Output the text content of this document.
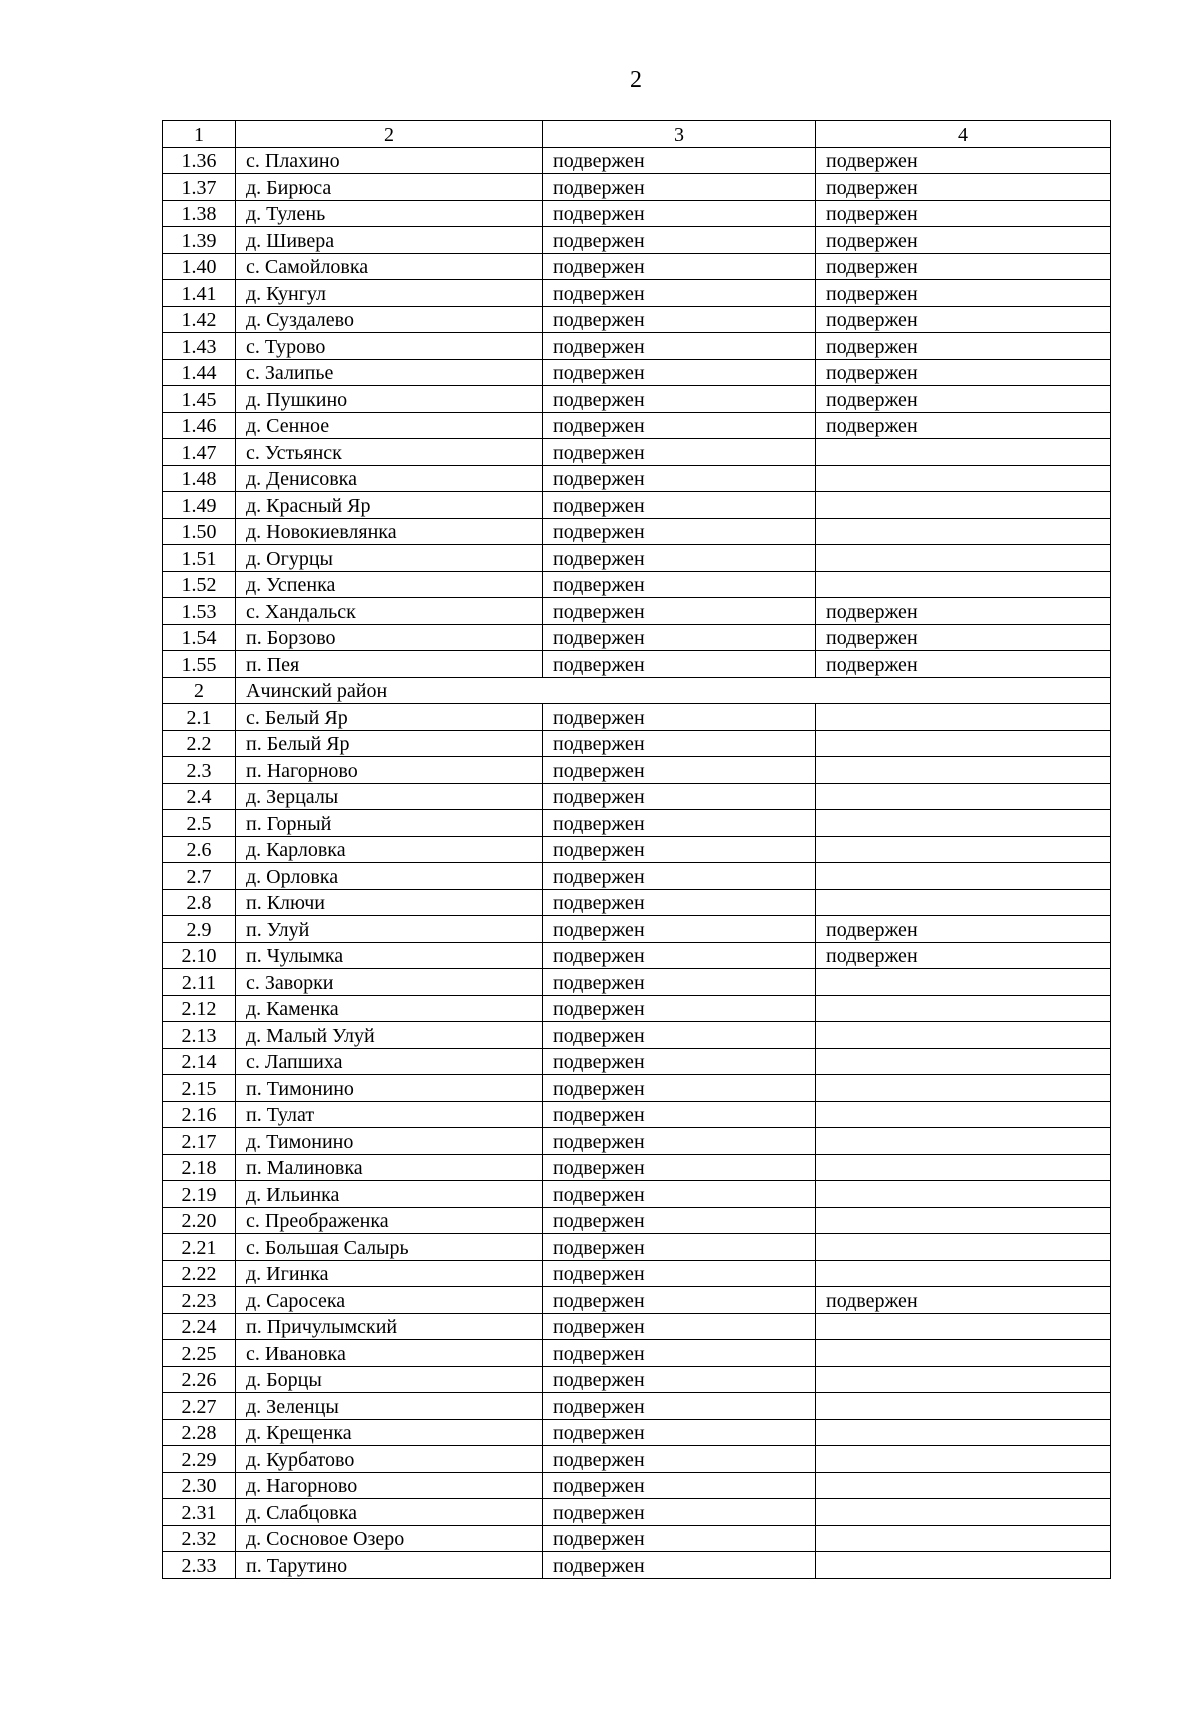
2
1	2	3	4
1.36	с. Плахино	подвержен	подвержен
1.37	д. Бирюса	подвержен	подвержен
1.38	д. Тулень	подвержен	подвержен
1.39	д. Шивера	подвержен	подвержен
1.40	с. Самойловка	подвержен	подвержен
1.41	д. Кунгул	подвержен	подвержен
1.42	д. Суздалево	подвержен	подвержен
1.43	с. Турово	подвержен	подвержен
1.44	с. Залипье	подвержен	подвержен
1.45	д. Пушкино	подвержен	подвержен
1.46	д. Сенное	подвержен	подвержен
1.47	с. Устьянск	подвержен	
1.48	д. Денисовка	подвержен	
1.49	д. Красный Яр	подвержен	
1.50	д. Новокиевлянка	подвержен	
1.51	д. Огурцы	подвержен	
1.52	д. Успенка	подвержен	
1.53	с. Хандальск	подвержен	подвержен
1.54	п. Борзово	подвержен	подвержен
1.55	п. Пея	подвержен	подвержен
2	Ачинский район		
2.1	с. Белый Яр	подвержен	
2.2	п. Белый Яр	подвержен	
2.3	п. Нагорново	подвержен	
2.4	д. Зерцалы	подвержен	
2.5	п. Горный	подвержен	
2.6	д. Карловка	подвержен	
2.7	д. Орловка	подвержен	
2.8	п. Ключи	подвержен	
2.9	п. Улуй	подвержен	подвержен
2.10	п. Чулымка	подвержен	подвержен
2.11	с. Заворки	подвержен	
2.12	д. Каменка	подвержен	
2.13	д. Малый Улуй	подвержен	
2.14	с. Лапшиха	подвержен	
2.15	п. Тимонино	подвержен	
2.16	п. Тулат	подвержен	
2.17	д. Тимонино	подвержен	
2.18	п. Малиновка	подвержен	
2.19	д. Ильинка	подвержен	
2.20	с. Преображенка	подвержен	
2.21	с. Большая Салырь	подвержен	
2.22	д. Игинка	подвержен	
2.23	д. Саросека	подвержен	подвержен
2.24	п. Причулымский	подвержен	
2.25	с. Ивановка	подвержен	
2.26	д. Борцы	подвержен	
2.27	д. Зеленцы	подвержен	
2.28	д. Крещенка	подвержен	
2.29	д. Курбатово	подвержен	
2.30	д. Нагорново	подвержен	
2.31	д. Слабцовка	подвержен	
2.32	д. Сосновое Озеро	подвержен	
2.33	п. Тарутино	подвержен	
